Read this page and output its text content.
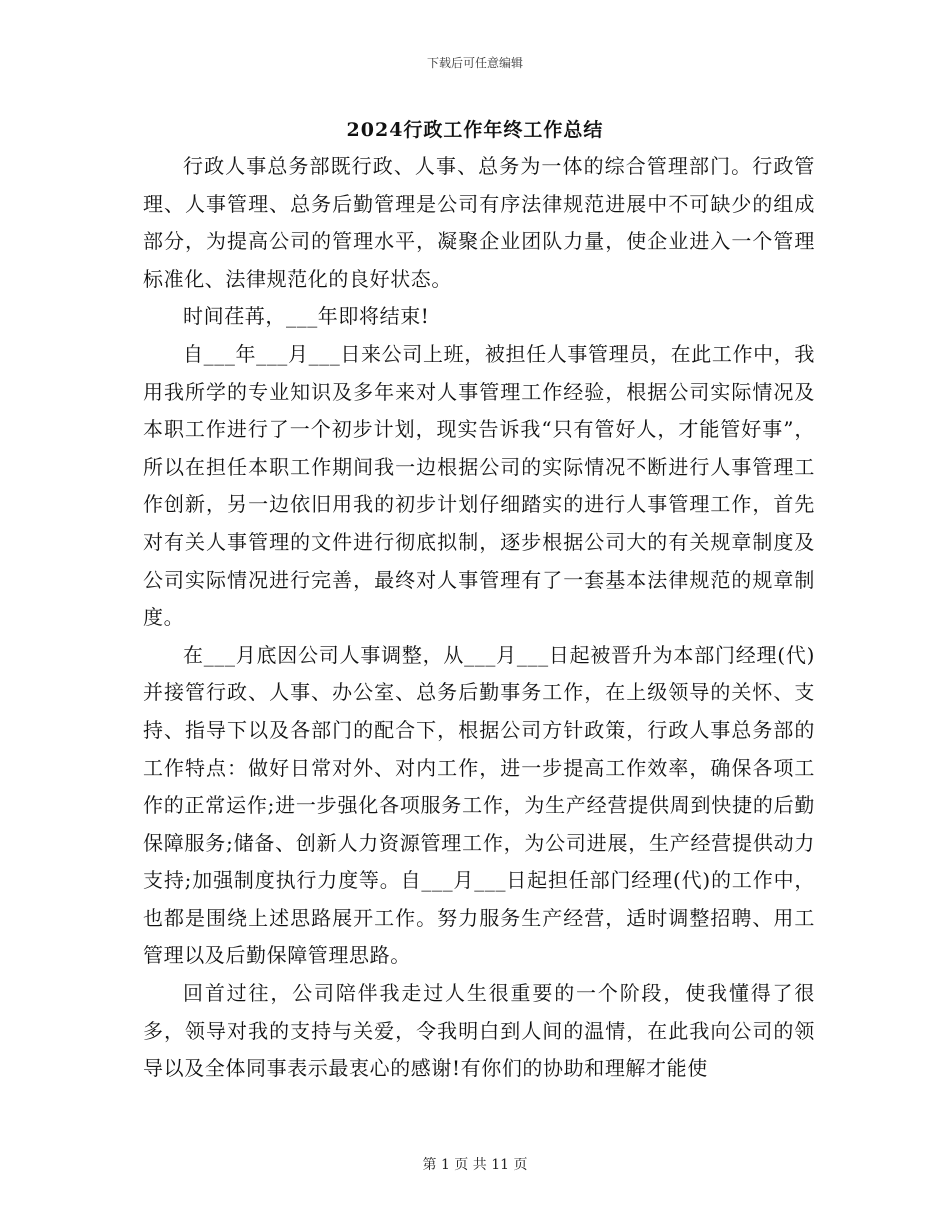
下载后可任意编辑
2024行政工作年终工作总结

行政人事总务部既行政、人事、总务为一体的综合管理部门。行政管理、人事管理、总务后勤管理是公司有序法律规范进展中不可缺少的组成部分，为提高公司的管理水平，凝聚企业团队力量，使企业进入一个管理标准化、法律规范化的良好状态。

时间荏苒，___年即将结束!

自___年___月___日来公司上班，被担任人事管理员，在此工作中，我用我所学的专业知识及多年来对人事管理工作经验，根据公司实际情况及本职工作进行了一个初步计划，现实告诉我“只有管好人，才能管好事”，所以在担任本职工作期间我一边根据公司的实际情况不断进行人事管理工作创新，另一边依旧用我的初步计划仔细踏实的进行人事管理工作，首先对有关人事管理的文件进行彻底拟制，逐步根据公司大的有关规章制度及公司实际情况进行完善，最终对人事管理有了一套基本法律规范的规章制度。

在___月底因公司人事调整，从___月___日起被晋升为本部门经理(代)并接管行政、人事、办公室、总务后勤事务工作，在上级领导的关怀、支持、指导下以及各部门的配合下，根据公司方针政策，行政人事总务部的工作特点：做好日常对外、对内工作，进一步提高工作效率，确保各项工作的正常运作;进一步强化各项服务工作，为生产经营提供周到快捷的后勤保障服务;储备、创新人力资源管理工作，为公司进展，生产经营提供动力支持;加强制度执行力度等。自___月___日起担任部门经理(代)的工作中，也都是围绕上述思路展开工作。努力服务生产经营，适时调整招聘、用工管理以及后勤保障管理思路。

回首过往，公司陪伴我走过人生很重要的一个阶段，使我懂得了很多，领导对我的支持与关爱，令我明白到人间的温情，在此我向公司的领导以及全体同事表示最衷心的感谢!有你们的协助和理解才能使

第 1 页 共 11 页
